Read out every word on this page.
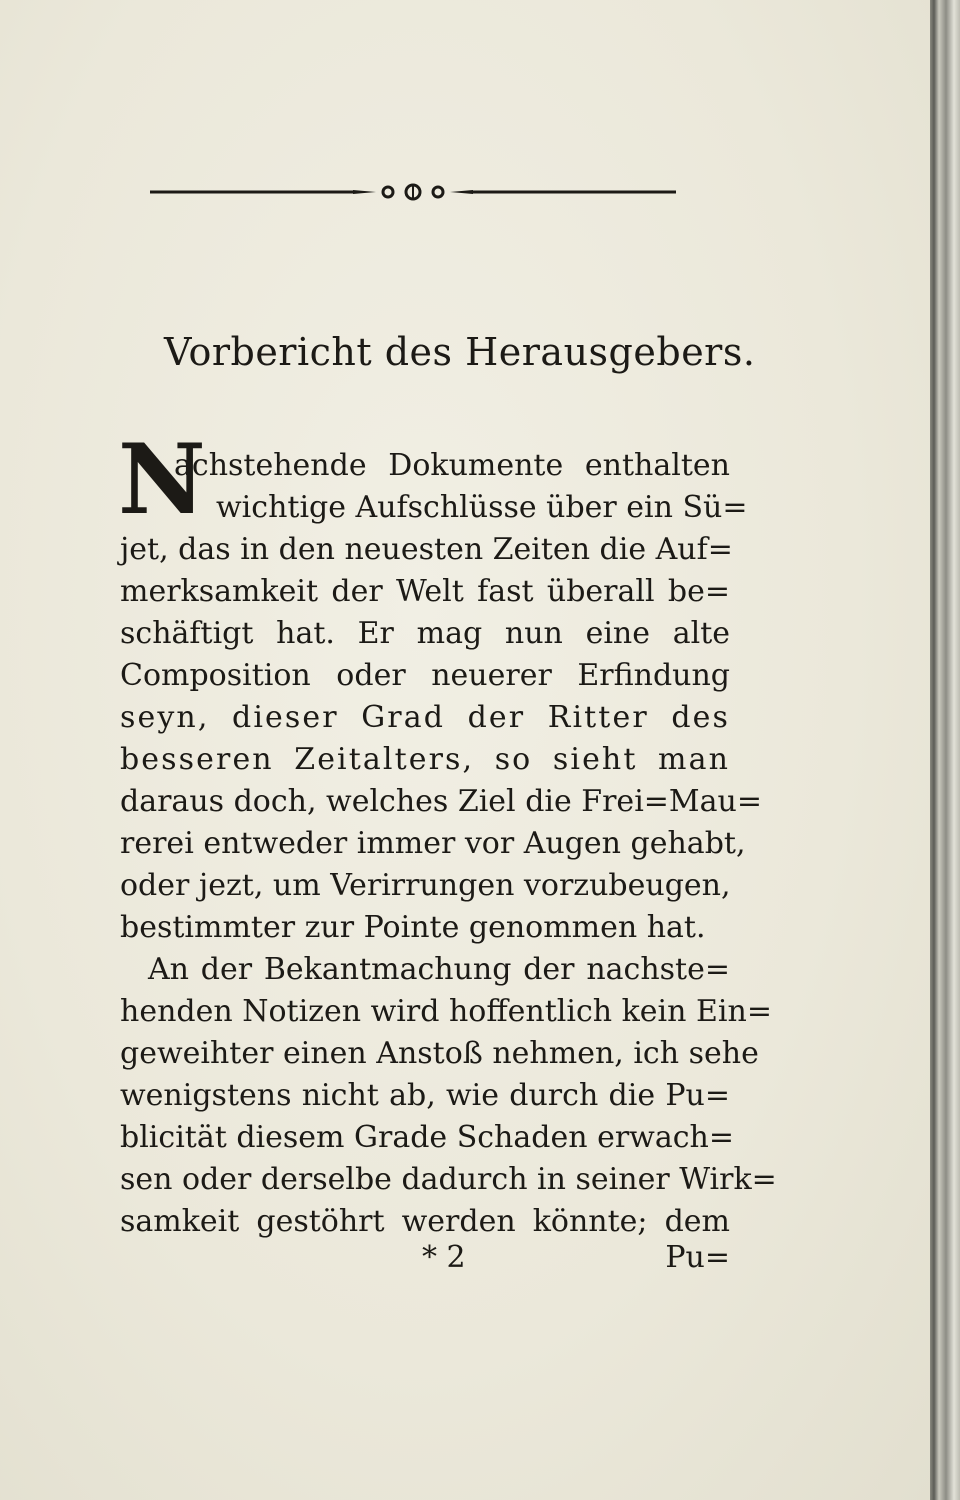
Vorbericht des Herausgebers.
N
achstehende Dokumente enthalten
wichtige Aufschlüsse über ein Sü=
jet, das in den neuesten Zeiten die Auf=
merksamkeit der Welt fast überall be=
schäftigt hat. Er mag nun eine alte
Composition oder neuerer Erfindung
seyn, dieser Grad der Ritter des
besseren Zeitalters, so sieht man
daraus doch, welches Ziel die Frei=Mau=
rerei entweder immer vor Augen gehabt,
oder jezt, um Verirrungen vorzubeugen,
bestimmter zur Pointe genommen hat.
An der Bekantmachung der nachste=
henden Notizen wird hoffentlich kein Ein=
geweihter einen Anstoß nehmen, ich sehe
wenigstens nicht ab, wie durch die Pu=
blicität diesem Grade Schaden erwach=
sen oder derselbe dadurch in seiner Wirk=
samkeit gestöhrt werden könnte; dem
* 2	Pu=
